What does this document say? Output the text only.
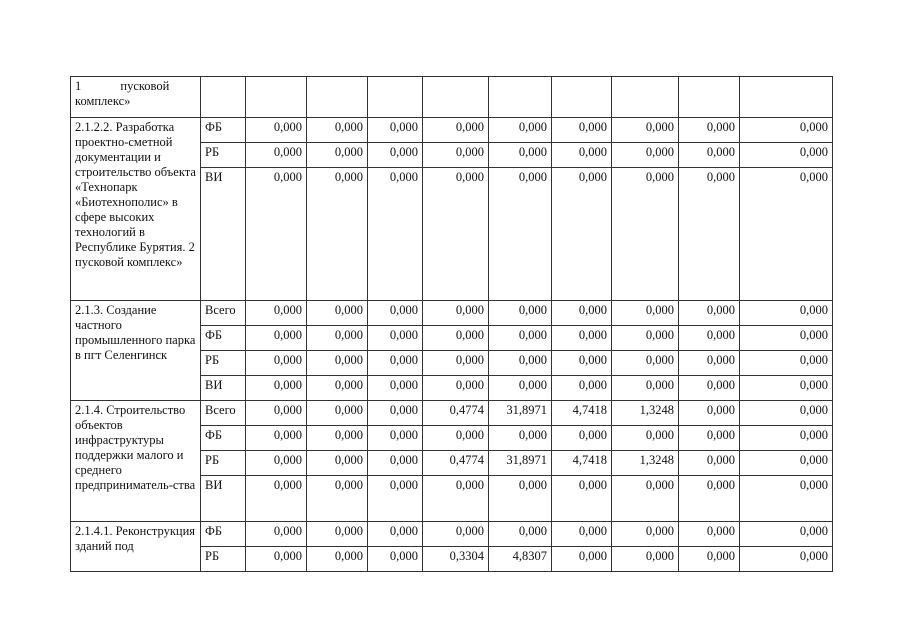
1 пусковой
комплекс»										

2.1.2.2. Разработка проектно-сметной документации и строительство объекта «Технопарк «Биотехнополис» в сфере высоких технологий в Республике Бурятия. 2 пусковой комплекс»	ФБ	0,000	0,000	0,000	0,000	0,000	0,000	0,000	0,000	0,000
	РБ	0,000	0,000	0,000	0,000	0,000	0,000	0,000	0,000	0,000
	ВИ	0,000	0,000	0,000	0,000	0,000	0,000	0,000	0,000	0,000
2.1.3. Создание частного промышленного парка в пгт Селенгинск	Всего	0,000	0,000	0,000	0,000	0,000	0,000	0,000	0,000	0,000
	ФБ	0,000	0,000	0,000	0,000	0,000	0,000	0,000	0,000	0,000
	РБ	0,000	0,000	0,000	0,000	0,000	0,000	0,000	0,000	0,000
	ВИ	0,000	0,000	0,000	0,000	0,000	0,000	0,000	0,000	0,000
2.1.4. Строительство объектов инфраструктуры поддержки малого и среднего предприниматель-ства	Всего	0,000	0,000	0,000	0,4774	31,8971	4,7418	1,3248	0,000	0,000
	ФБ	0,000	0,000	0,000	0,000	0,000	0,000	0,000	0,000	0,000
	РБ	0,000	0,000	0,000	0,4774	31,8971	4,7418	1,3248	0,000	0,000
	ВИ	0,000	0,000	0,000	0,000	0,000	0,000	0,000	0,000	0,000
2.1.4.1. Реконструкция зданий под	ФБ	0,000	0,000	0,000	0,000	0,000	0,000	0,000	0,000	0,000
	РБ	0,000	0,000	0,000	0,3304	4,8307	0,000	0,000	0,000	0,000
